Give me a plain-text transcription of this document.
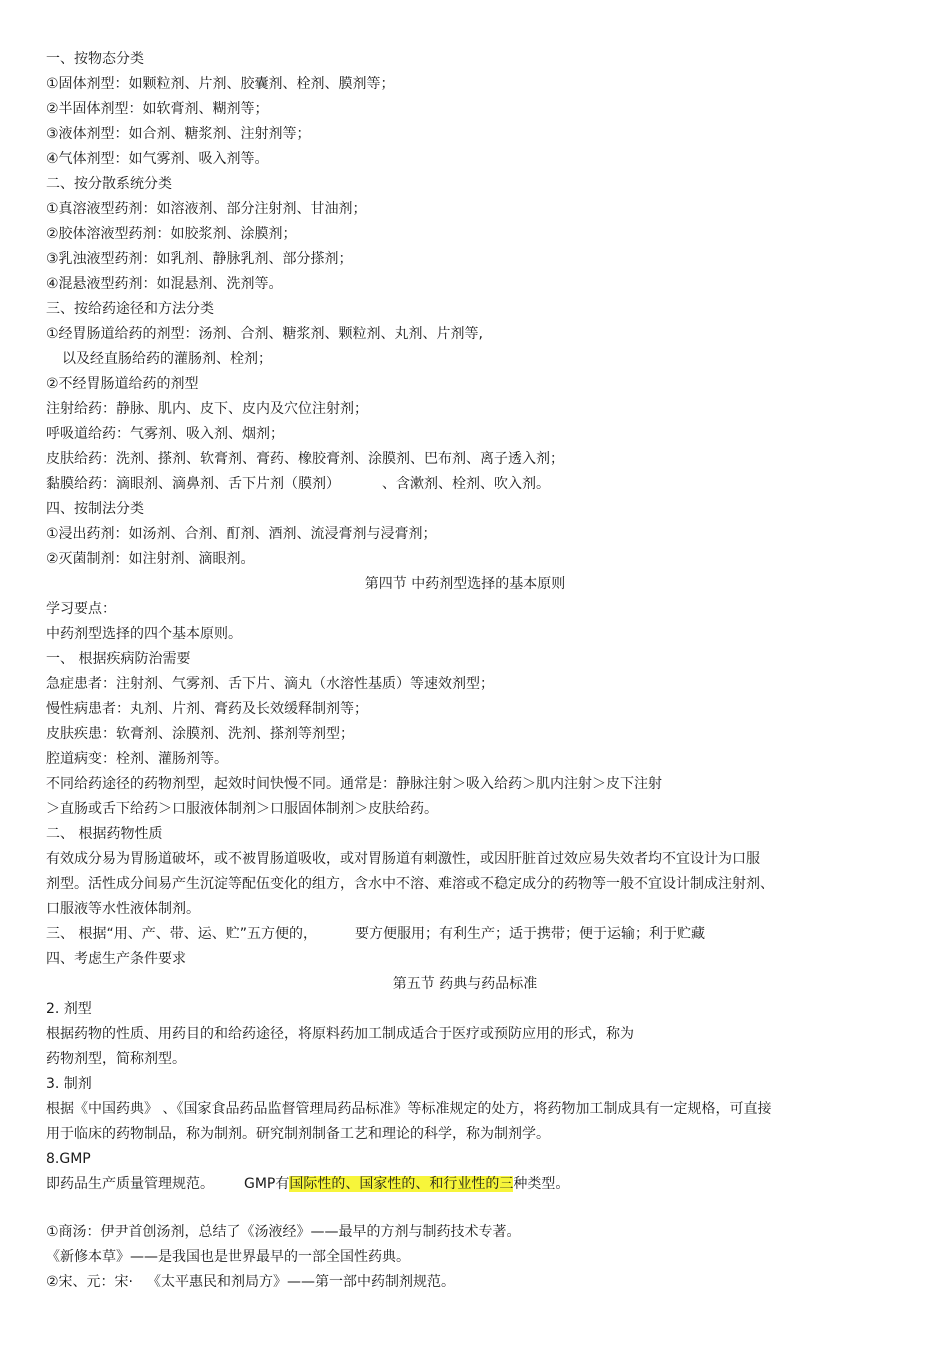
一、按物态分类
①固体剂型：如颗粒剂、片剂、胶囊剂、栓剂、膜剂等；
②半固体剂型：如软膏剂、糊剂等；
③液体剂型：如合剂、糖浆剂、注射剂等；
④气体剂型：如气雾剂、吸入剂等。
二、按分散系统分类
①真溶液型药剂：如溶液剂、部分注射剂、甘油剂；
②胶体溶液型药剂：如胶浆剂、涂膜剂；
③乳浊液型药剂：如乳剂、静脉乳剂、部分搽剂；
④混悬液型药剂：如混悬剂、洗剂等。
三、按给药途径和方法分类
①经胃肠道给药的剂型：汤剂、合剂、糖浆剂、颗粒剂、丸剂、片剂等,
以及经直肠给药的灌肠剂、栓剂；
②不经胃肠道给药的剂型
注射给药：静脉、肌内、皮下、皮内及穴位注射剂；
呼吸道给药：气雾剂、吸入剂、烟剂；
皮肤给药：洗剂、搽剂、软膏剂、膏药、橡胶膏剂、涂膜剂、巴布剂、离子透入剂；
黏膜给药：滴眼剂、滴鼻剂、舌下片剂（膜剂）	、含漱剂、栓剂、吹入剂。
四、按制法分类
①浸出药剂：如汤剂、合剂、酊剂、酒剂、流浸膏剂与浸膏剂；
②灭菌制剂：如注射剂、滴眼剂。
第四节 中药剂型选择的基本原则
学习要点：
中药剂型选择的四个基本原则。
一、 根据疾病防治需要
急症患者：注射剂、气雾剂、舌下片、滴丸（水溶性基质）等速效剂型；
慢性病患者：丸剂、片剂、膏药及长效缓释制剂等；
皮肤疾患：软膏剂、涂膜剂、洗剂、搽剂等剂型；
腔道病变：栓剂、灌肠剂等。
不同给药途径的药物剂型，起效时间快慢不同。通常是：静脉注射＞吸入给药＞肌内注射＞皮下注射
＞直肠或舌下给药＞口服液体制剂＞口服固体制剂＞皮肤给药。
二、 根据药物性质
有效成分易为胃肠道破坏，或不被胃肠道吸收，或对胃肠道有刺激性，或因肝脏首过效应易失效者均不宜设计为口服
剂型。活性成分间易产生沉淀等配伍变化的组方，含水中不溶、难溶或不稳定成分的药物等一般不宜设计制成注射剂、
口服液等水性液体制剂。
三、 根据“用、产、带、运、贮”五方便的，	要方便服用；有利生产；适于携带；便于运输；利于贮藏
四、考虑生产条件要求
第五节 药典与药品标准
2. 剂型
根据药物的性质、用药目的和给药途径，将原料药加工制成适合于医疗或预防应用的形式，称为
药物剂型，简称剂型。
3. 制剂
根据《中国药典》 、《国家食品药品监督管理局药品标准》等标准规定的处方，将药物加工制成具有一定规格，可直接
用于临床的药物制品，称为制剂。研究制剂制备工艺和理论的科学，称为制剂学。
8.GMP
即药品生产质量管理规范。 GMP有国际性的、国家性的、和行业性的三种类型。
①商汤：伊尹首创汤剂，总结了《汤液经》——最早的方剂与制药技术专著。
《新修本草》——是我国也是世界最早的一部全国性药典。
②宋、元：宋· 《太平惠民和剂局方》——第一部中药制剂规范。
